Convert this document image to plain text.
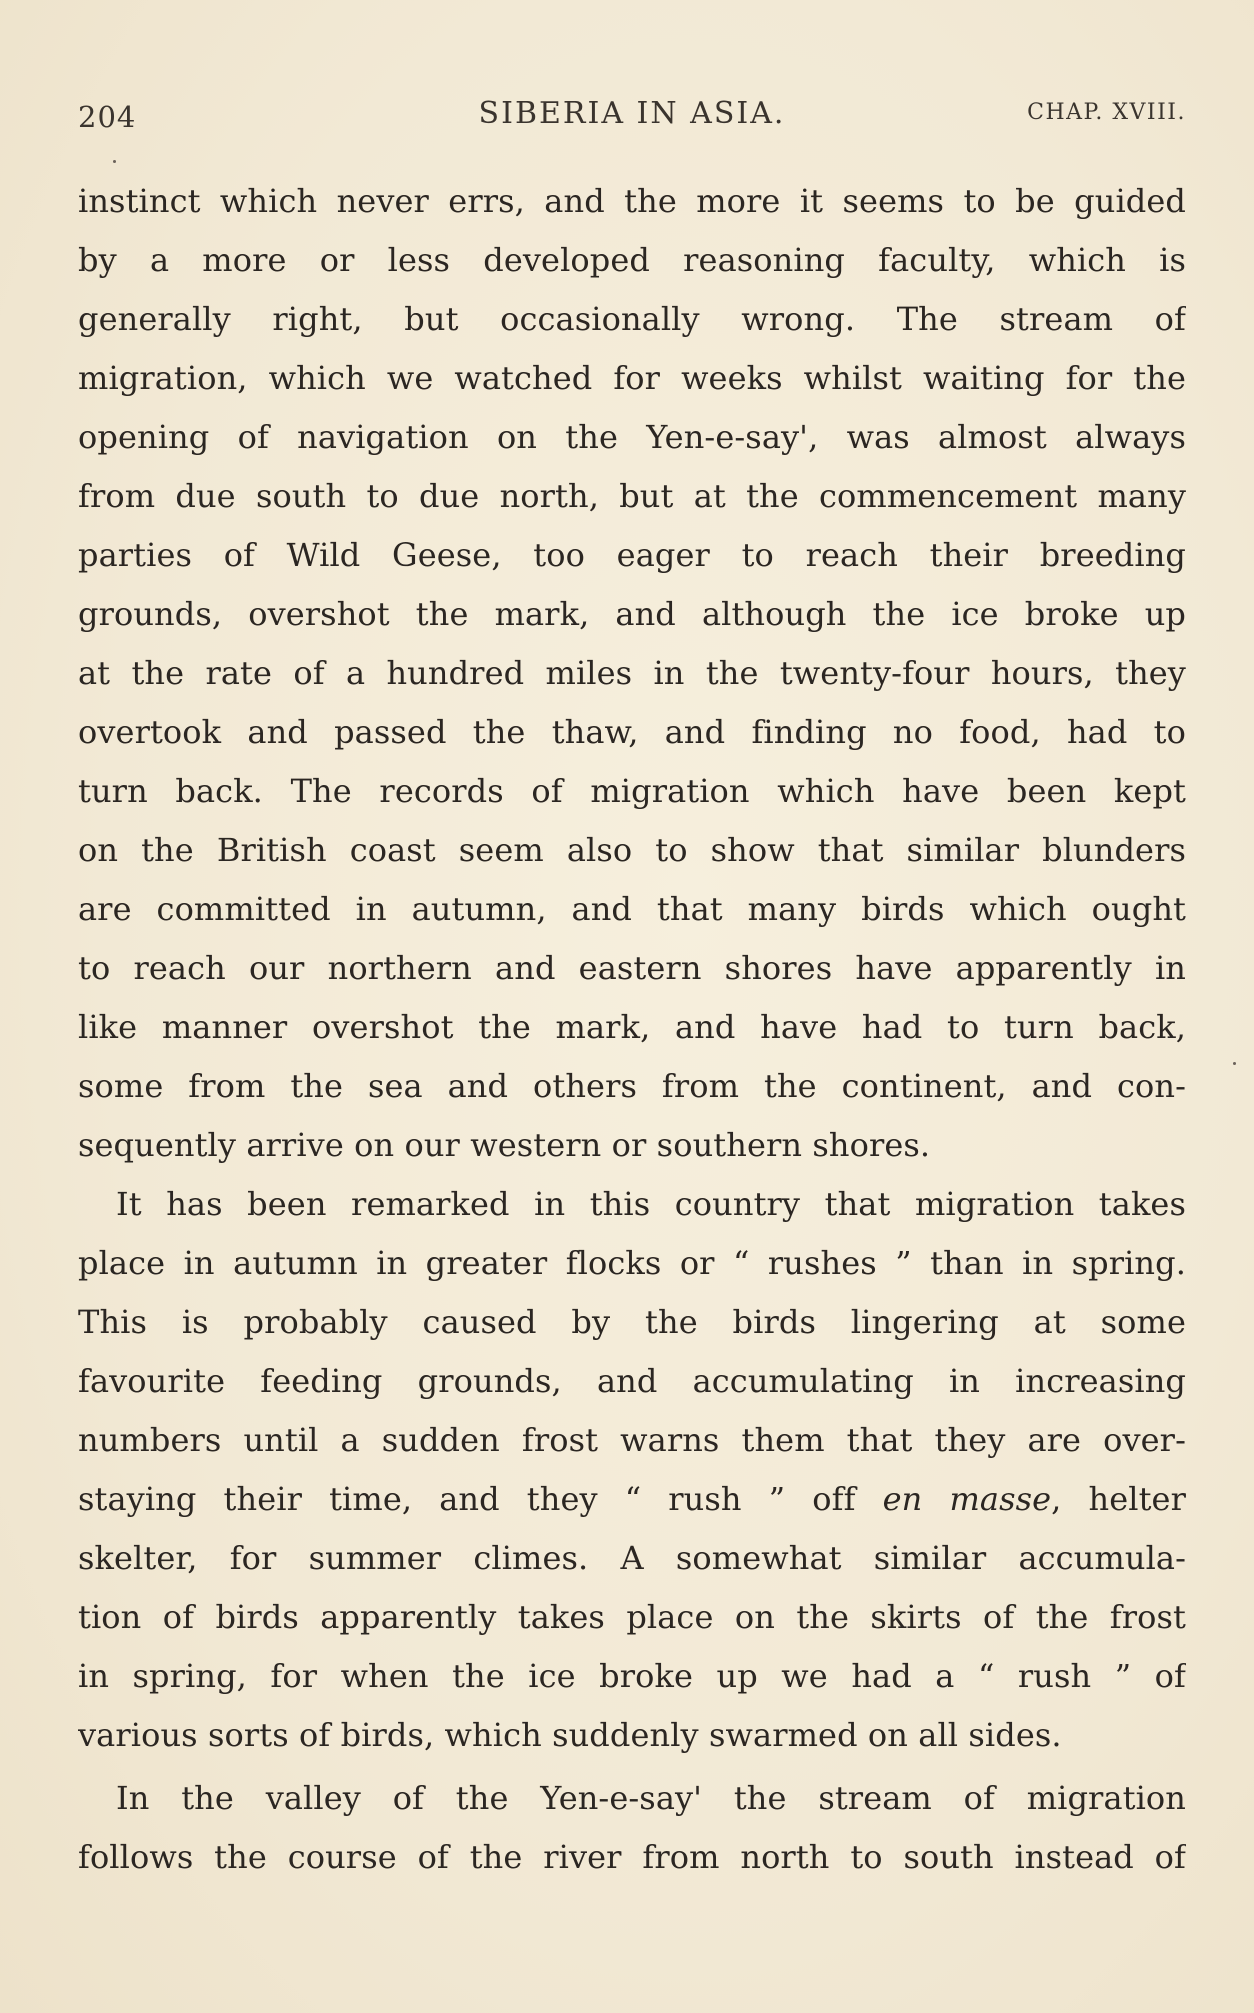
204	SIBERIA IN ASIA.	CHAP. XVIII.
instinct which never errs, and the more it seems to be guided
by a more or less developed reasoning faculty, which is
generally right, but occasionally wrong. The stream of
migration, which we watched for weeks whilst waiting for the
opening of navigation on the Yen-e-say', was almost always
from due south to due north, but at the commencement many
parties of Wild Geese, too eager to reach their breeding
grounds, overshot the mark, and although the ice broke up
at the rate of a hundred miles in the twenty-four hours, they
overtook and passed the thaw, and finding no food, had to
turn back. The records of migration which have been kept
on the British coast seem also to show that similar blunders
are committed in autumn, and that many birds which ought
to reach our northern and eastern shores have apparently in
like manner overshot the mark, and have had to turn back,
some from the sea and others from the continent, and con-
sequently arrive on our western or southern shores.
It has been remarked in this country that migration takes
place in autumn in greater flocks or “ rushes ” than in spring.
This is probably caused by the birds lingering at some
favourite feeding grounds, and accumulating in increasing
numbers until a sudden frost warns them that they are over-
staying their time, and they “ rush ” off en masse, helter
skelter, for summer climes. A somewhat similar accumula-
tion of birds apparently takes place on the skirts of the frost
in spring, for when the ice broke up we had a “ rush ” of
various sorts of birds, which suddenly swarmed on all sides.
In the valley of the Yen-e-say' the stream of migration
follows the course of the river from north to south instead of
